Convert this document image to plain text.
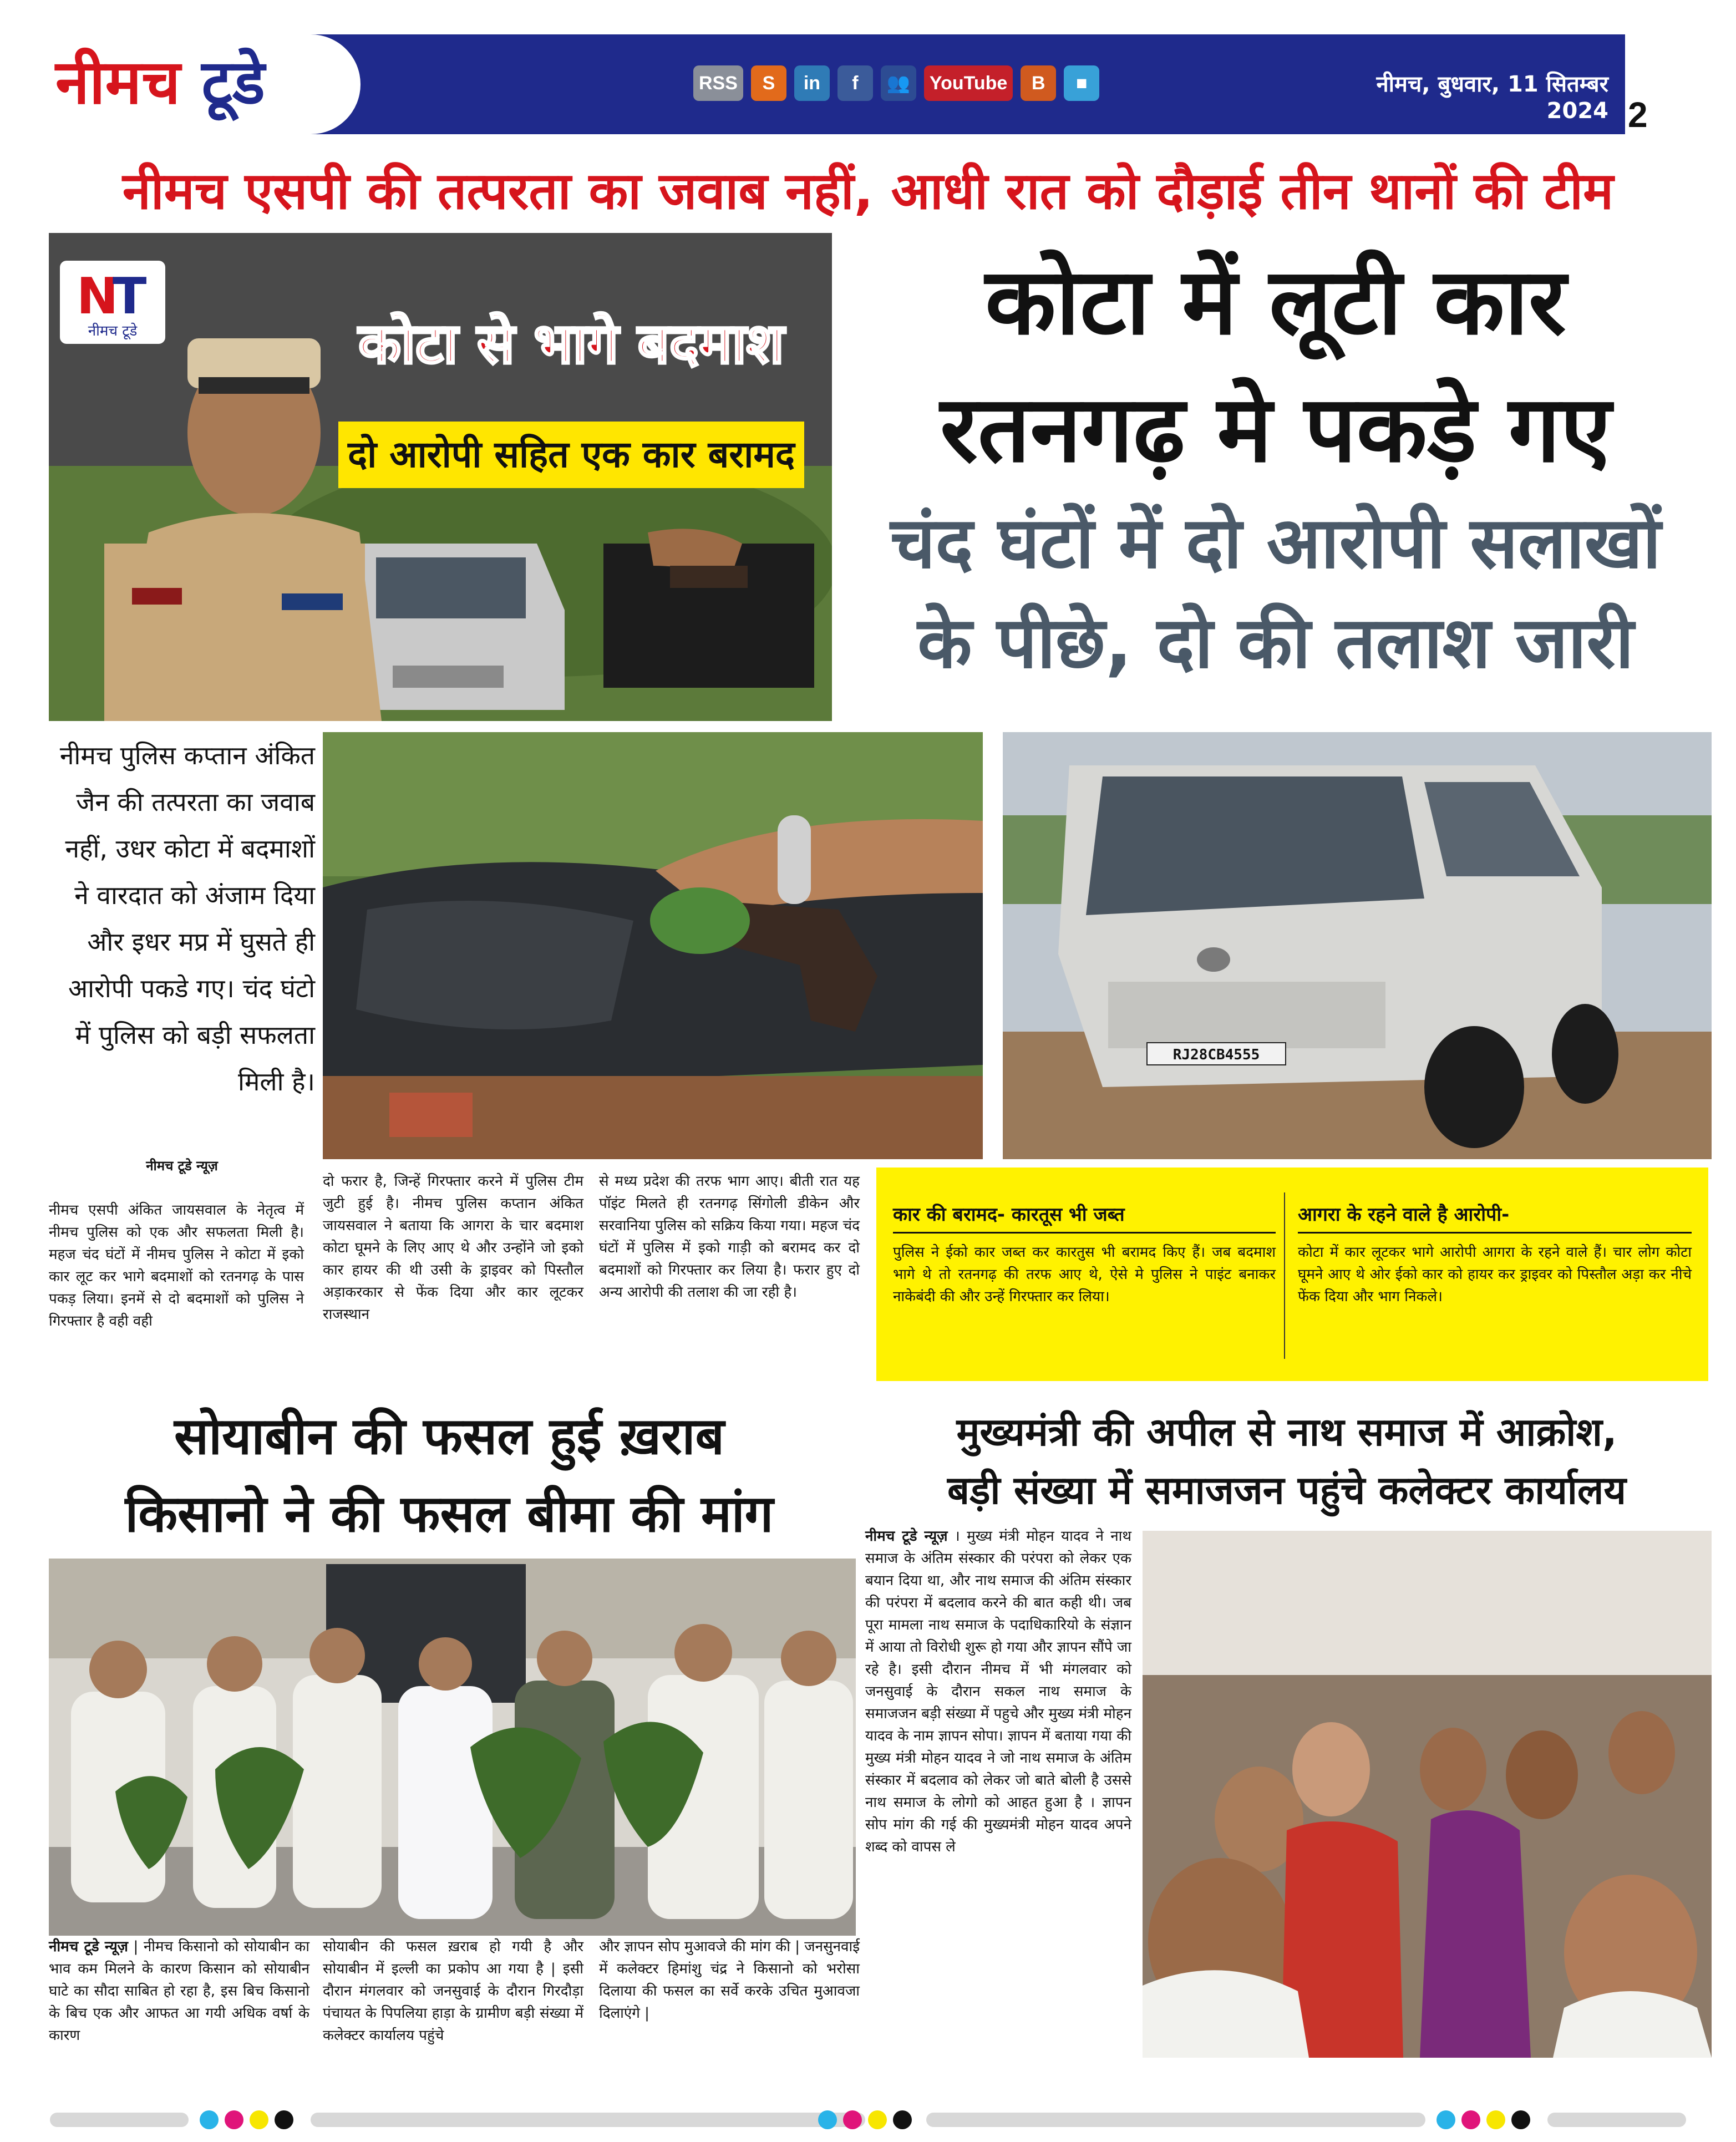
नीमच टूडे	RSS	S	in	f	👥	YouTube	B	■	नीमच, बुधवार, 11 सितम्बर 2024 2
नीमच एसपी की तत्परता का जवाब नहीं, आधी रात को दौड़ाई तीन थानों की टीम
N
T
नीमच टूडे	कोटा से भागे बदमाश
दो आरोपी सहित एक कार बरामद
कोटा में लूटी कार
रतनगढ़ मे पकड़े गए
चंद घंटों में दो आरोपी सलाखों
के पीछे, दो की तलाश जारी
नीमच पुलिस कप्तान अंकित जैन की तत्परता का जवाब नहीं, उधर कोटा में बदमाशों ने वारदात को अंजाम दिया और इधर मप्र में घुसते ही आरोपी पकडे गए। चंद घंटो में पुलिस को बड़ी सफलता मिली है।
नीमच टूडे न्यूज़
RJ28CB4555
नीमच एसपी अंकित जायसवाल के नेतृत्व में नीमच पुलिस को एक और सफलता मिली है। महज चंद घंटों में नीमच पुलिस ने कोटा में इको कार लूट कर भागे बदमाशों को रतनगढ़ के पास पकड़ लिया। इनमें से दो बदमाशों को पुलिस ने गिरफ्तार है वही वही
दो फरार है, जिन्हें गिरफ्तार करने में पुलिस टीम जुटी हुई है। नीमच पुलिस कप्तान अंकित जायसवाल ने बताया कि आगरा के चार बदमाश कोटा घूमने के लिए आए थे और उन्होंने जो इको कार हायर की थी उसी के ड्राइवर को पिस्तौल अड़ाकरकार से फेंक दिया और कार लूटकर राजस्थान
से मध्य प्रदेश की तरफ भाग आए। बीती रात यह पॉइंट मिलते ही रतनगढ़ सिंगोली डीकेन और सरवानिया पुलिस को सक्रिय किया गया। महज चंद घंटों में पुलिस में इको गाड़ी को बरामद कर दो बदमाशों को गिरफ्तार कर लिया है। फरार हुए दो अन्य आरोपी की तलाश की जा रही है।
कार की बरामद- कारतूस भी जब्त
पुलिस ने ईको कार जब्त कर कारतुस भी बरामद किए हैं। जब बदमाश भागे थे तो रतनगढ़ की तरफ आए थे, ऐसे मे पुलिस ने पाइंट बनाकर नाकेबंदी की और उन्हें गिरफ्तार कर लिया।
आगरा के रहने वाले है आरोपी-
कोटा में कार लूटकर भागे आरोपी आगरा के रहने वाले हैं। चार लोग कोटा घूमने आए थे ओर ईको कार को हायर कर ड्राइवर को पिस्तौल अड़ा कर नीचे फेंक दिया और भाग निकले।
सोयाबीन की फसल हुई ख़राब
किसानो ने की फसल बीमा की मांग
नीमच टूडे न्यूज़ | नीमच किसानो को सोयाबीन का भाव कम मिलने के कारण किसान को सोयाबीन घाटे का सौदा साबित हो रहा है, इस बिच किसानो के बिच एक और आफत आ गयी अधिक वर्षा के कारण
सोयाबीन की फसल ख़राब हो गयी है और सोयाबीन में इल्ली का प्रकोप आ गया है | इसी दौरान मंगलवार को जनसुवाई के दौरान गिरदौड़ा पंचायत के पिपलिया हाड़ा के ग्रामीण बड़ी संख्या में कलेक्टर कार्यालय पहुंचे
और ज्ञापन सोप मुआवजे की मांग की | जनसुनवाई में कलेक्टर हिमांशु चंद्र ने किसानो को भरोसा दिलाया की फसल का सर्वे करके उचित मुआवजा दिलाएंगे |
मुख्यमंत्री की अपील से नाथ समाज में आक्रोश,
बड़ी संख्या में समाजजन पहुंचे कलेक्टर कार्यालय
नीमच टूडे न्यूज़ । मुख्य मंत्री मोहन यादव ने नाथ समाज के अंतिम संस्कार की परंपरा को लेकर एक बयान दिया था, और नाथ समाज की अंतिम संस्कार की परंपरा में बदलाव करने की बात कही थी। जब पूरा मामला नाथ समाज के पदाधिकारियो के संज्ञान में आया तो विरोधी शुरू हो गया और ज्ञापन सौंपे जा रहे है। इसी दौरान नीमच में भी मंगलवार को जनसुवाई के दौरान सकल नाथ समाज के समाजजन बड़ी संख्या में पहुचे और मुख्य मंत्री मोहन यादव के नाम ज्ञापन सोपा। ज्ञापन में बताया गया की मुख्य मंत्री मोहन यादव ने जो नाथ समाज के अंतिम संस्कार में बदलाव को लेकर जो बाते बोली है उससे नाथ समाज के लोगो को आहत हुआ है । ज्ञापन सोप मांग की गई की मुख्यमंत्री मोहन यादव अपने शब्द को वापस ले
